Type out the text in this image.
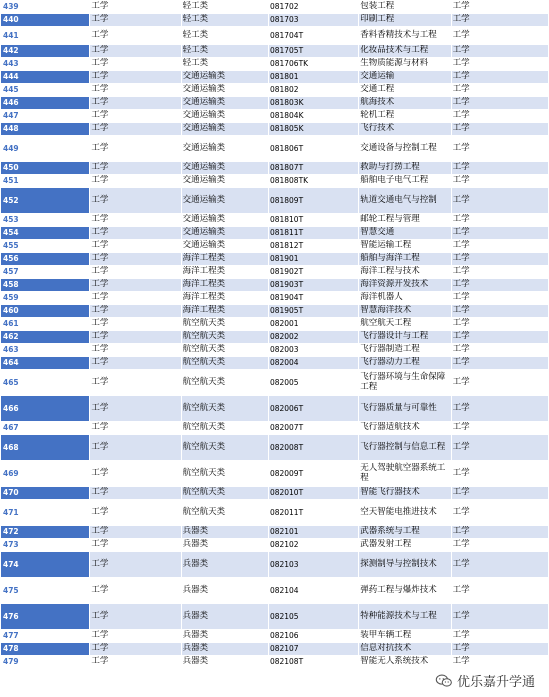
439	工学	轻工类	081702	包装工程	工学
440	工学	轻工类	081703	印刷工程	工学
441	工学	轻工类	081704T	香料香精技术与工程	工学
442	工学	轻工类	081705T	化妆品技术与工程	工学
443	工学	轻工类	081706TK	生物质能源与材料	工学
444	工学	交通运输类	081801	交通运输	工学
445	工学	交通运输类	081802	交通工程	工学
446	工学	交通运输类	081803K	航海技术	工学
447	工学	交通运输类	081804K	轮机工程	工学
448	工学	交通运输类	081805K	飞行技术	工学
449	工学	交通运输类	081806T	交通设备与控制工程	工学
450	工学	交通运输类	081807T	救助与打捞工程	工学
451	工学	交通运输类	081808TK	船舶电子电气工程	工学
452	工学	交通运输类	081809T	轨道交通电气与控制	工学
453	工学	交通运输类	081810T	邮轮工程与管理	工学
454	工学	交通运输类	081811T	智慧交通	工学
455	工学	交通运输类	081812T	智能运输工程	工学
456	工学	海洋工程类	081901	船舶与海洋工程	工学
457	工学	海洋工程类	081902T	海洋工程与技术	工学
458	工学	海洋工程类	081903T	海洋资源开发技术	工学
459	工学	海洋工程类	081904T	海洋机器人	工学
460	工学	海洋工程类	081905T	智慧海洋技术	工学
461	工学	航空航天类	082001	航空航天工程	工学
462	工学	航空航天类	082002	飞行器设计与工程	工学
463	工学	航空航天类	082003	飞行器制造工程	工学
464	工学	航空航天类	082004	飞行器动力工程	工学
465	工学	航空航天类	082005	飞行器环境与生命保障工程	工学
466	工学	航空航天类	082006T	飞行器质量与可靠性	工学
467	工学	航空航天类	082007T	飞行器适航技术	工学
468	工学	航空航天类	082008T	飞行器控制与信息工程	工学
469	工学	航空航天类	082009T	无人驾驶航空器系统工程	工学
470	工学	航空航天类	082010T	智能飞行器技术	工学
471	工学	航空航天类	082011T	空天智能电推进技术	工学
472	工学	兵器类	082101	武器系统与工程	工学
473	工学	兵器类	082102	武器发射工程	工学
474	工学	兵器类	082103	探测制导与控制技术	工学
475	工学	兵器类	082104	弹药工程与爆炸技术	工学
476	工学	兵器类	082105	特种能源技术与工程	工学
477	工学	兵器类	082106	装甲车辆工程	工学
478	工学	兵器类	082107	信息对抗技术	工学
479	工学	兵器类	082108T	智能无人系统技术	工学
优乐嘉升学通
